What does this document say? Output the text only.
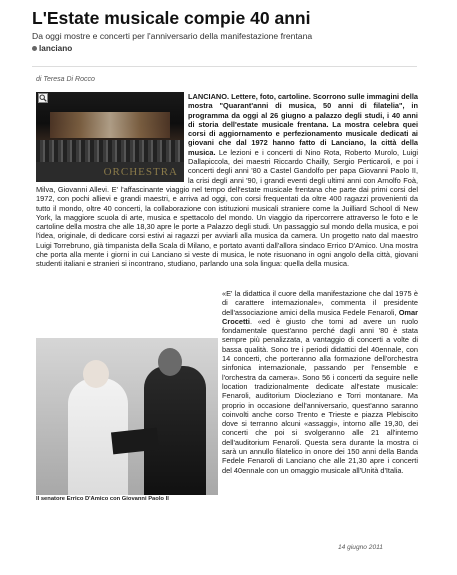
L'Estate musicale compie 40 anni
Da oggi mostre e concerti per l'anniversario della manifestazione frentana
lanciano
di Teresa Di Rocco
LANCIANO. Lettere, foto, cartoline. Scorrono sulle immagini della mostra "Quarant'anni di musica, 50 anni di filatelia", in programma da oggi al 26 giugno a palazzo degli studi, i 40 anni di storia dell'estate musicale frentana. La mostra celebra quei corsi di aggiornamento e perfezionamento musicale dedicati ai giovani che dal 1972 hanno fatto di Lanciano, la città della musica. Le lezioni e i concerti di Nino Rota, Roberto Murolo, Luigi Dallapiccola, dei maestri Riccardo Chailly, Sergio Perticaroli, e poi i concerti degli anni '80 a Castel Gandolfo per papa Giovanni Paolo II, la crisi degli anni '90, i grandi eventi degli ultimi anni con Arnolfo Foà, Milva, Giovanni Allevi. E' l'affascinante viaggio nel tempo dell'estate musicale frentana che parte dai primi corsi del 1972, con pochi allievi e grandi maestri, e arriva ad oggi, con corsi frequentati da oltre 400 ragazzi provenienti da tutto il mondo, oltre 40 concerti, la collaborazione con istituzioni musicali straniere come la Juilliard School di New York, la maggiore scuola di arte, musica e spettacolo del mondo. Un viaggio da ripercorrere attraverso le foto e le cartoline della mostra che alle 18,30 apre le porte a Palazzo degli studi. Un passaggio sul mondo della musica, e poi l'idea, originale, di dedicare corsi estivi ai ragazzi per avviarli alla musica da camera. Un progetto nato dal maestro Luigi Torrebruno, già timpanista della Scala di Milano, e portato avanti dall'allora sindaco Errico D'Amico. Una mostra che porta alla mente i giorni in cui Lanciano si veste di musica, le note risuonano in ogni angolo della città, giovani studenti italiani e stranieri si incontrano, studiano, parlando una sola lingua: quella della musica.
ORCHESTRA
«E' la didattica il cuore della manifestazione che dal 1975 è di carattere internazionale», commenta il presidente dell'associazione amici della musica Fedele Fenaroli, Omar Crocetti. «ed è giusto che torni ad avere un ruolo fondamentale quest'anno perché dagli anni '80 è stata sempre più penalizzata, a vantaggio di concerti a volte di bassa qualità. Sono tre i periodi didattici del 40ennale, con 14 concerti, che porteranno alla formazione dell'orchestra sinfonica internazionale, passando per l'ensemble e l'orchestra da camera». Sono 56 i concerti da seguire nelle location tradizionalmente dedicate all'estate musicale: Fenaroli, auditorium Diocleziano e Torri montanare. Ma proprio in occasione dell'anniversario, quest'anno saranno coinvolti anche corso Trento e Trieste e piazza Plebiscito dove si terranno alcuni «assaggi», intorno alle 19,30, dei concerti che poi si svolgeranno alle 21 all'interno dell'auditorium Fenaroli. Questa sera durante la mostra ci sarà un annullo filatelico in onore dei 150 anni della Banda Fedele Fenaroli di Lanciano che alle 21,30 apre i concerti del 40ennale con un omaggio musicale all'Unità d'Italia.
Il senatore Errico D'Amico con Giovanni Paolo II
14 giugno 2011
